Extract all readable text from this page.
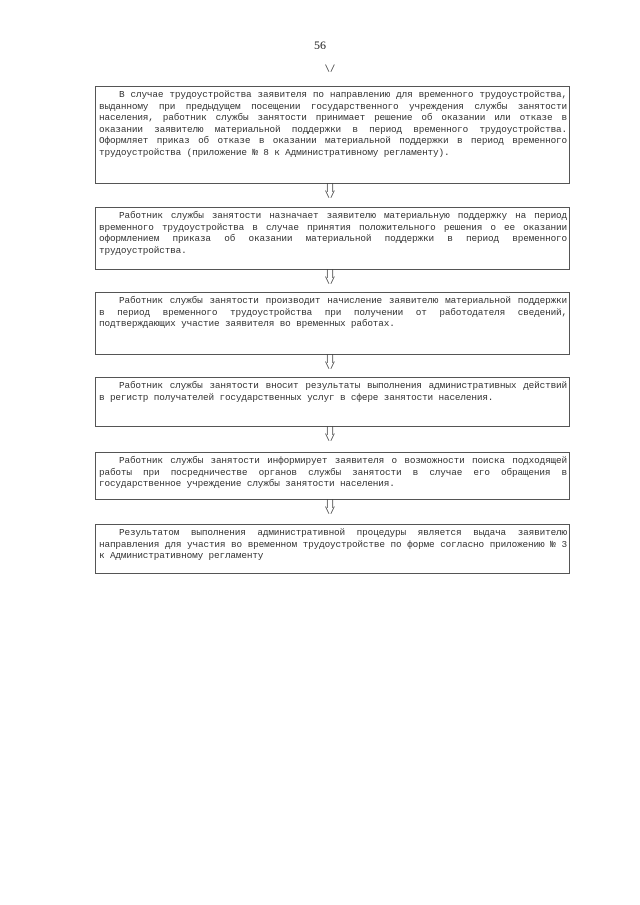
56
\/

В случае трудоустройства заявителя по направлению для временного трудоустройства, выданному при предыдущем посещении государственного учреждения службы занятости населения, работник службы занятости принимает решение об оказании или отказе в оказании заявителю материальной поддержки в период временного трудоустройства. Оформляет приказ об отказе в оказании материальной поддержки в период временного трудоустройства (приложение № 8 к Административному регламенту).

||
\/

Работник службы занятости назначает заявителю материальную поддержку на период временного трудоустройства в случае принятия положительного решения о ее оказании оформлением приказа об оказании материальной поддержки в период временного трудоустройства.

||
\/

Работник службы занятости производит начисление заявителю материальной поддержки в период временного трудоустройства при получении от работодателя сведений, подтверждающих участие заявителя во временных работах.

||
\/

Работник службы занятости вносит результаты выполнения административных действий в регистр получателей государственных услуг в сфере занятости населения.

||
\/

Работник службы занятости информирует заявителя о возможности поиска подходящей работы при посредничестве органов службы занятости в случае его обращения в государственное учреждение службы занятости населения.

||
\/

Результатом выполнения административной процедуры является выдача заявителю направления для участия во временном трудоустройстве по форме согласно приложению № 3 к Административному регламенту
